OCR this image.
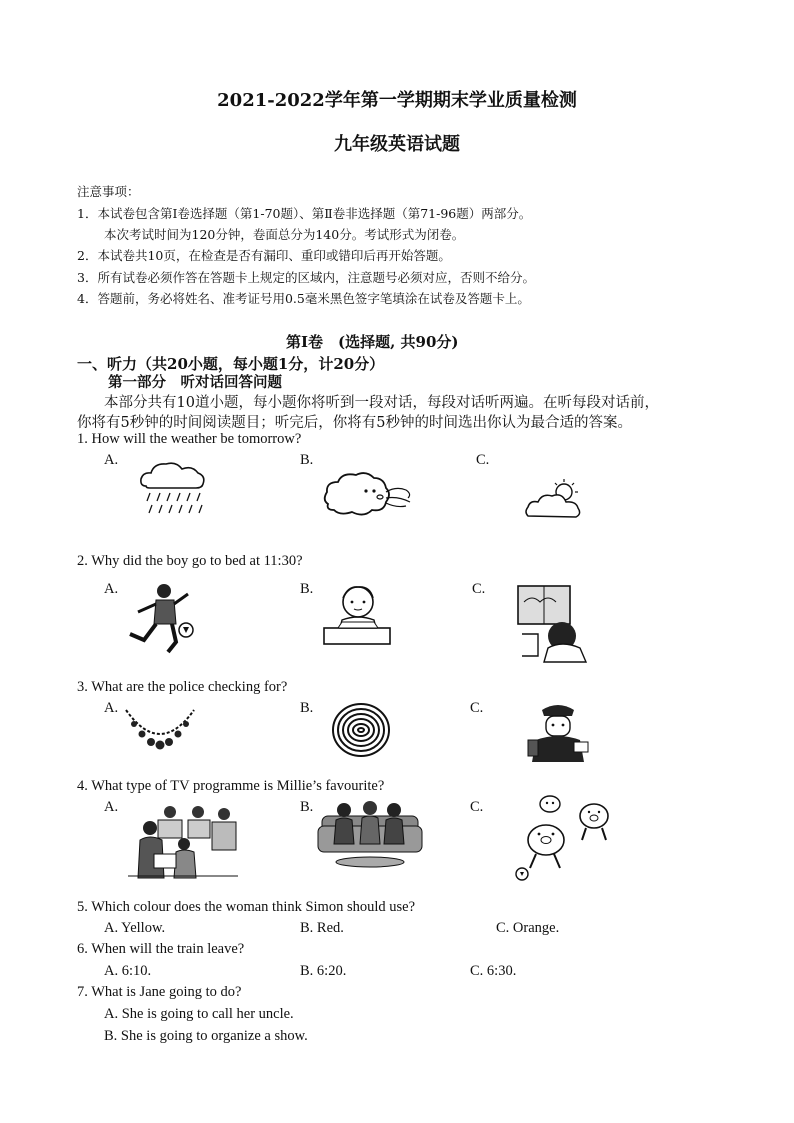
2021-2022学年第一学期期末学业质量检测
九年级英语试题
注意事项：
1．本试卷包含第Ⅰ卷选择题（第1-70题）、第Ⅱ卷非选择题（第71-96题）两部分。
本次考试时间为120分钟，卷面总分为140分。考试形式为闭卷。
2．本试卷共10页，在检查是否有漏印、重印或错印后再开始答题。
3．所有试卷必须作答在答题卡上规定的区域内，注意题号必须对应，否则不给分。
4．答题前，务必将姓名、准考证号用0.5毫米黑色签字笔填涂在试卷及答题卡上。
第Ⅰ卷　(选择题, 共90分)
一、听力（共20小题，每小题1分，计20分）
第一部分　听对话回答问题
本部分共有10道小题，每小题你将听到一段对话，每段对话听两遍。在听每段对话前，
你将有5秒钟的时间阅读题目；听完后，你将有5秒钟的时间选出你认为最合适的答案。
1. How will the weather be tomorrow?
A.	B.	C.
2. Why did the boy go to bed at 11:30?
A.	B.	C.
3. What are the police checking for?
A.	B.	C.
4. What type of TV programme is Millie’s favourite?
A.	B.	C.
5. Which colour does the woman think Simon should use?
A. Yellow.	B. Red.	C. Orange.
6. When will the train leave?
A. 6:10.	B. 6:20.	C. 6:30.
7. What is Jane going to do?
A. She is going to call her uncle.
B. She is going to organize a show.
